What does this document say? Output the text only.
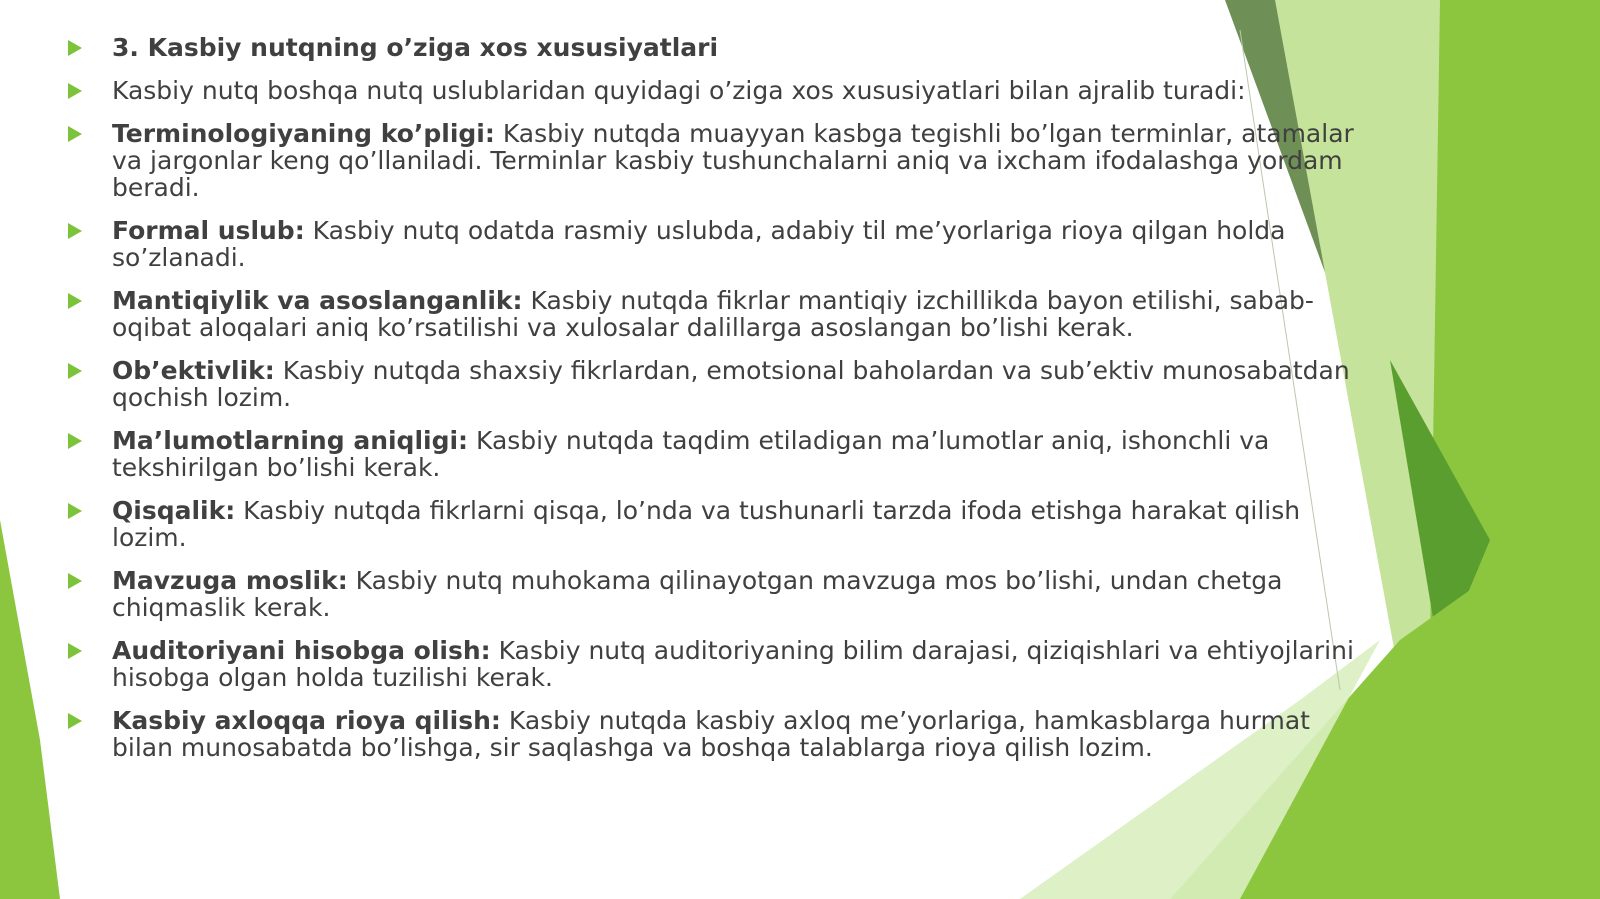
3. Kasbiy nutqning o’ziga xos xususiyatlari
Kasbiy nutq boshqa nutq uslublaridan quyidagi o’ziga xos xususiyatlari bilan ajralib turadi:
Terminologiyaning ko’pligi: Kasbiy nutqda muayyan kasbga tegishli bo’lgan terminlar, atamalar va jargonlar keng qo’llaniladi. Terminlar kasbiy tushunchalarni aniq va ixcham ifodalashga yordam beradi.
Formal uslub: Kasbiy nutq odatda rasmiy uslubda, adabiy til me’yorlariga rioya qilgan holda so’zlanadi.
Mantiqiylik va asoslanganlik: Kasbiy nutqda fikrlar mantiqiy izchillikda bayon etilishi, sabab-oqibat aloqalari aniq ko’rsatilishi va xulosalar dalillarga asoslangan bo’lishi kerak.
Ob’ektivlik: Kasbiy nutqda shaxsiy fikrlardan, emotsional baholardan va sub’ektiv munosabatdan qochish lozim.
Ma’lumotlarning aniqligi: Kasbiy nutqda taqdim etiladigan ma’lumotlar aniq, ishonchli va tekshirilgan bo’lishi kerak.
Qisqalik: Kasbiy nutqda fikrlarni qisqa, lo’nda va tushunarli tarzda ifoda etishga harakat qilish lozim.
Mavzuga moslik: Kasbiy nutq muhokama qilinayotgan mavzuga mos bo’lishi, undan chetga chiqmaslik kerak.
Auditoriyani hisobga olish: Kasbiy nutq auditoriyaning bilim darajasi, qiziqishlari va ehtiyojlarini hisobga olgan holda tuzilishi kerak.
Kasbiy axloqqa rioya qilish: Kasbiy nutqda kasbiy axloq me’yorlariga, hamkasblarga hurmat bilan munosabatda bo’lishga, sir saqlashga va boshqa talablarga rioya qilish lozim.
